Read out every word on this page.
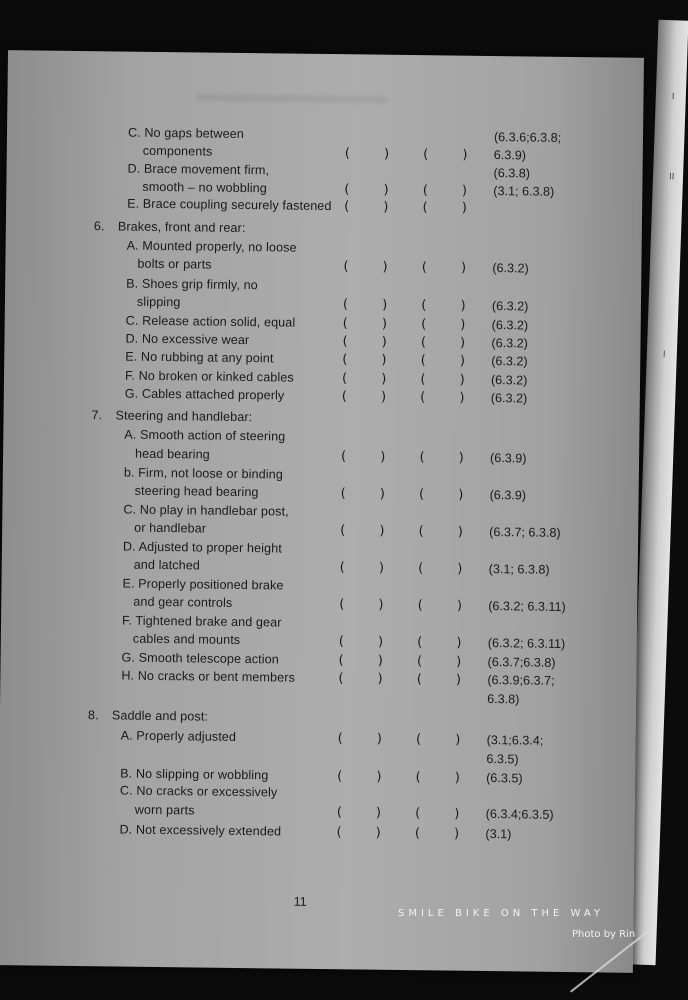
I
II
I
C. No gaps between	(6.3.6;6.3.8;
components	( ) ( ) 6.3.9)
D. Brace movement firm,	(6.3.8)
smooth – no wobbling	( ) ( ) (3.1; 6.3.8)
E. Brace coupling securely fastened ( ) ( )
6. Brakes, front and rear:
A. Mounted properly, no loose
bolts or parts	( ) ( ) (6.3.2)
B. Shoes grip firmly, no
slipping	( ) ( ) (6.3.2)
C. Release action solid, equal	( ) ( ) (6.3.2)
D. No excessive wear	( ) ( ) (6.3.2)
E. No rubbing at any point	( ) ( ) (6.3.2)
F. No broken or kinked cables	( ) ( ) (6.3.2)
G. Cables attached properly	( ) ( ) (6.3.2)
7. Steering and handlebar:
A. Smooth action of steering
head bearing	( ) ( ) (6.3.9)
b. Firm, not loose or binding
steering head bearing	( ) ( ) (6.3.9)
C. No play in handlebar post,
or handlebar	( ) ( ) (6.3.7; 6.3.8)
D. Adjusted to proper height
and latched	( ) ( ) (3.1; 6.3.8)
E. Properly positioned brake
and gear controls	( ) ( ) (6.3.2; 6.3.11)
F. Tightened brake and gear
cables and mounts	( ) ( ) (6.3.2; 6.3.11)
G. Smooth telescope action	( ) ( ) (6.3.7;6.3.8)
H. No cracks or bent members	( ) ( ) (6.3.9;6.3.7;
6.3.8)
8. Saddle and post:
A. Properly adjusted	( ) ( ) (3.1;6.3.4;
6.3.5)
B. No slipping or wobbling	( ) ( ) (6.3.5)
C. No cracks or excessively
worn parts	( ) ( ) (6.3.4;6.3.5)
D. Not excessively extended	( ) ( ) (3.1)
11
SMILE BIKE ON THE WAY
Photo by Rin
